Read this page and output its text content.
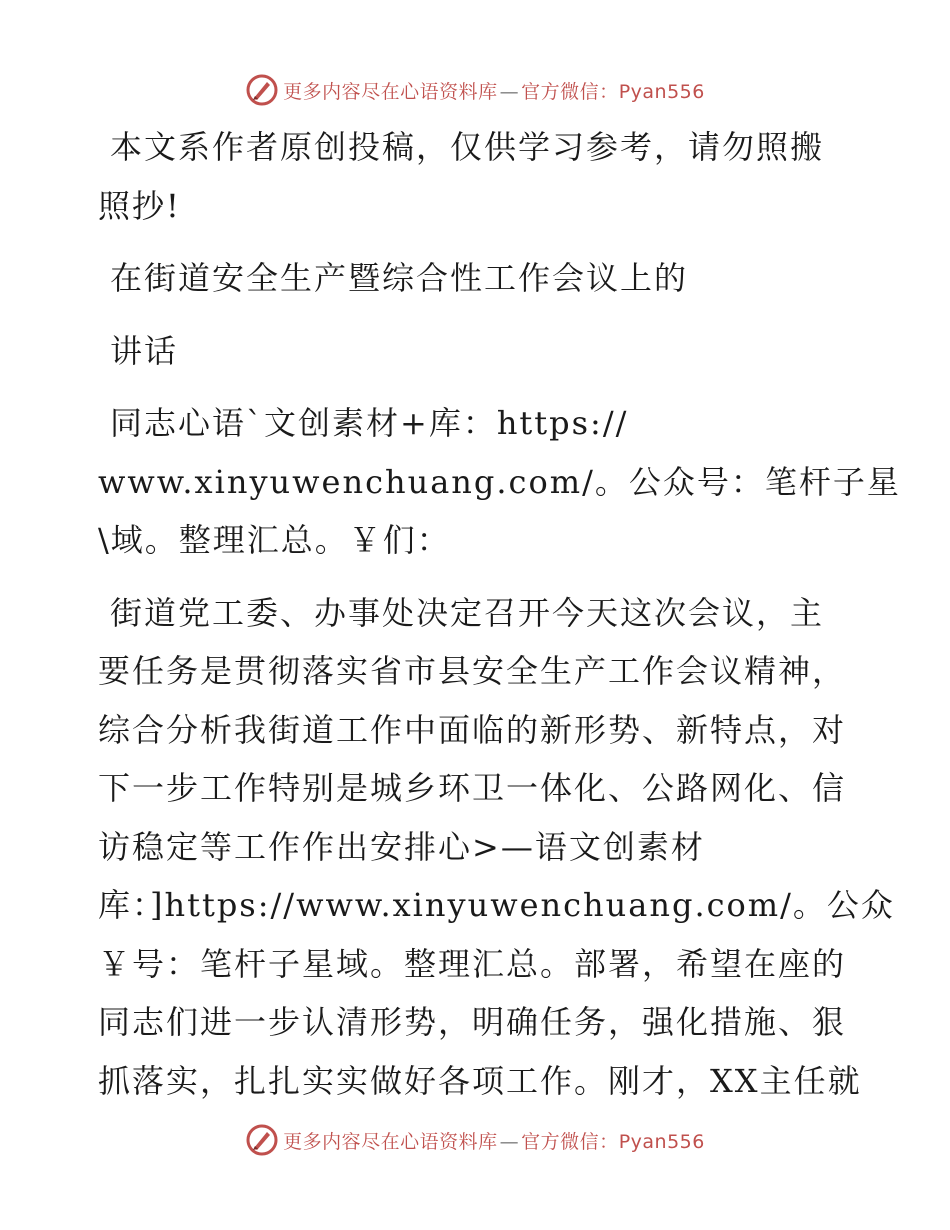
更多内容尽在心语资料库 — 官方微信：Pyan556
本文系作者原创投稿，仅供学习参考，请勿照搬
照抄!
在街道安全生产暨综合性工作会议上的
讲话
同志心语`文创素材+库：https://
www.xinyuwenchuang.com/。公众号：笔杆子星
\域。整理汇总。￥们：
街道党工委、办事处决定召开今天这次会议，主
要任务是贯彻落实省市县安全生产工作会议精神，
综合分析我街道工作中面临的新形势、新特点，对
下一步工作特别是城乡环卫一体化、公路网化、信
访稳定等工作作出安排心>—语文创素材
库：]https://www.xinyuwenchuang.com/。公众
￥号：笔杆子星域。整理汇总。部署，希望在座的
同志们进一步认清形势，明确任务，强化措施、狠
抓落实，扎扎实实做好各项工作。刚才，XX主任就
更多内容尽在心语资料库 — 官方微信：Pyan556
